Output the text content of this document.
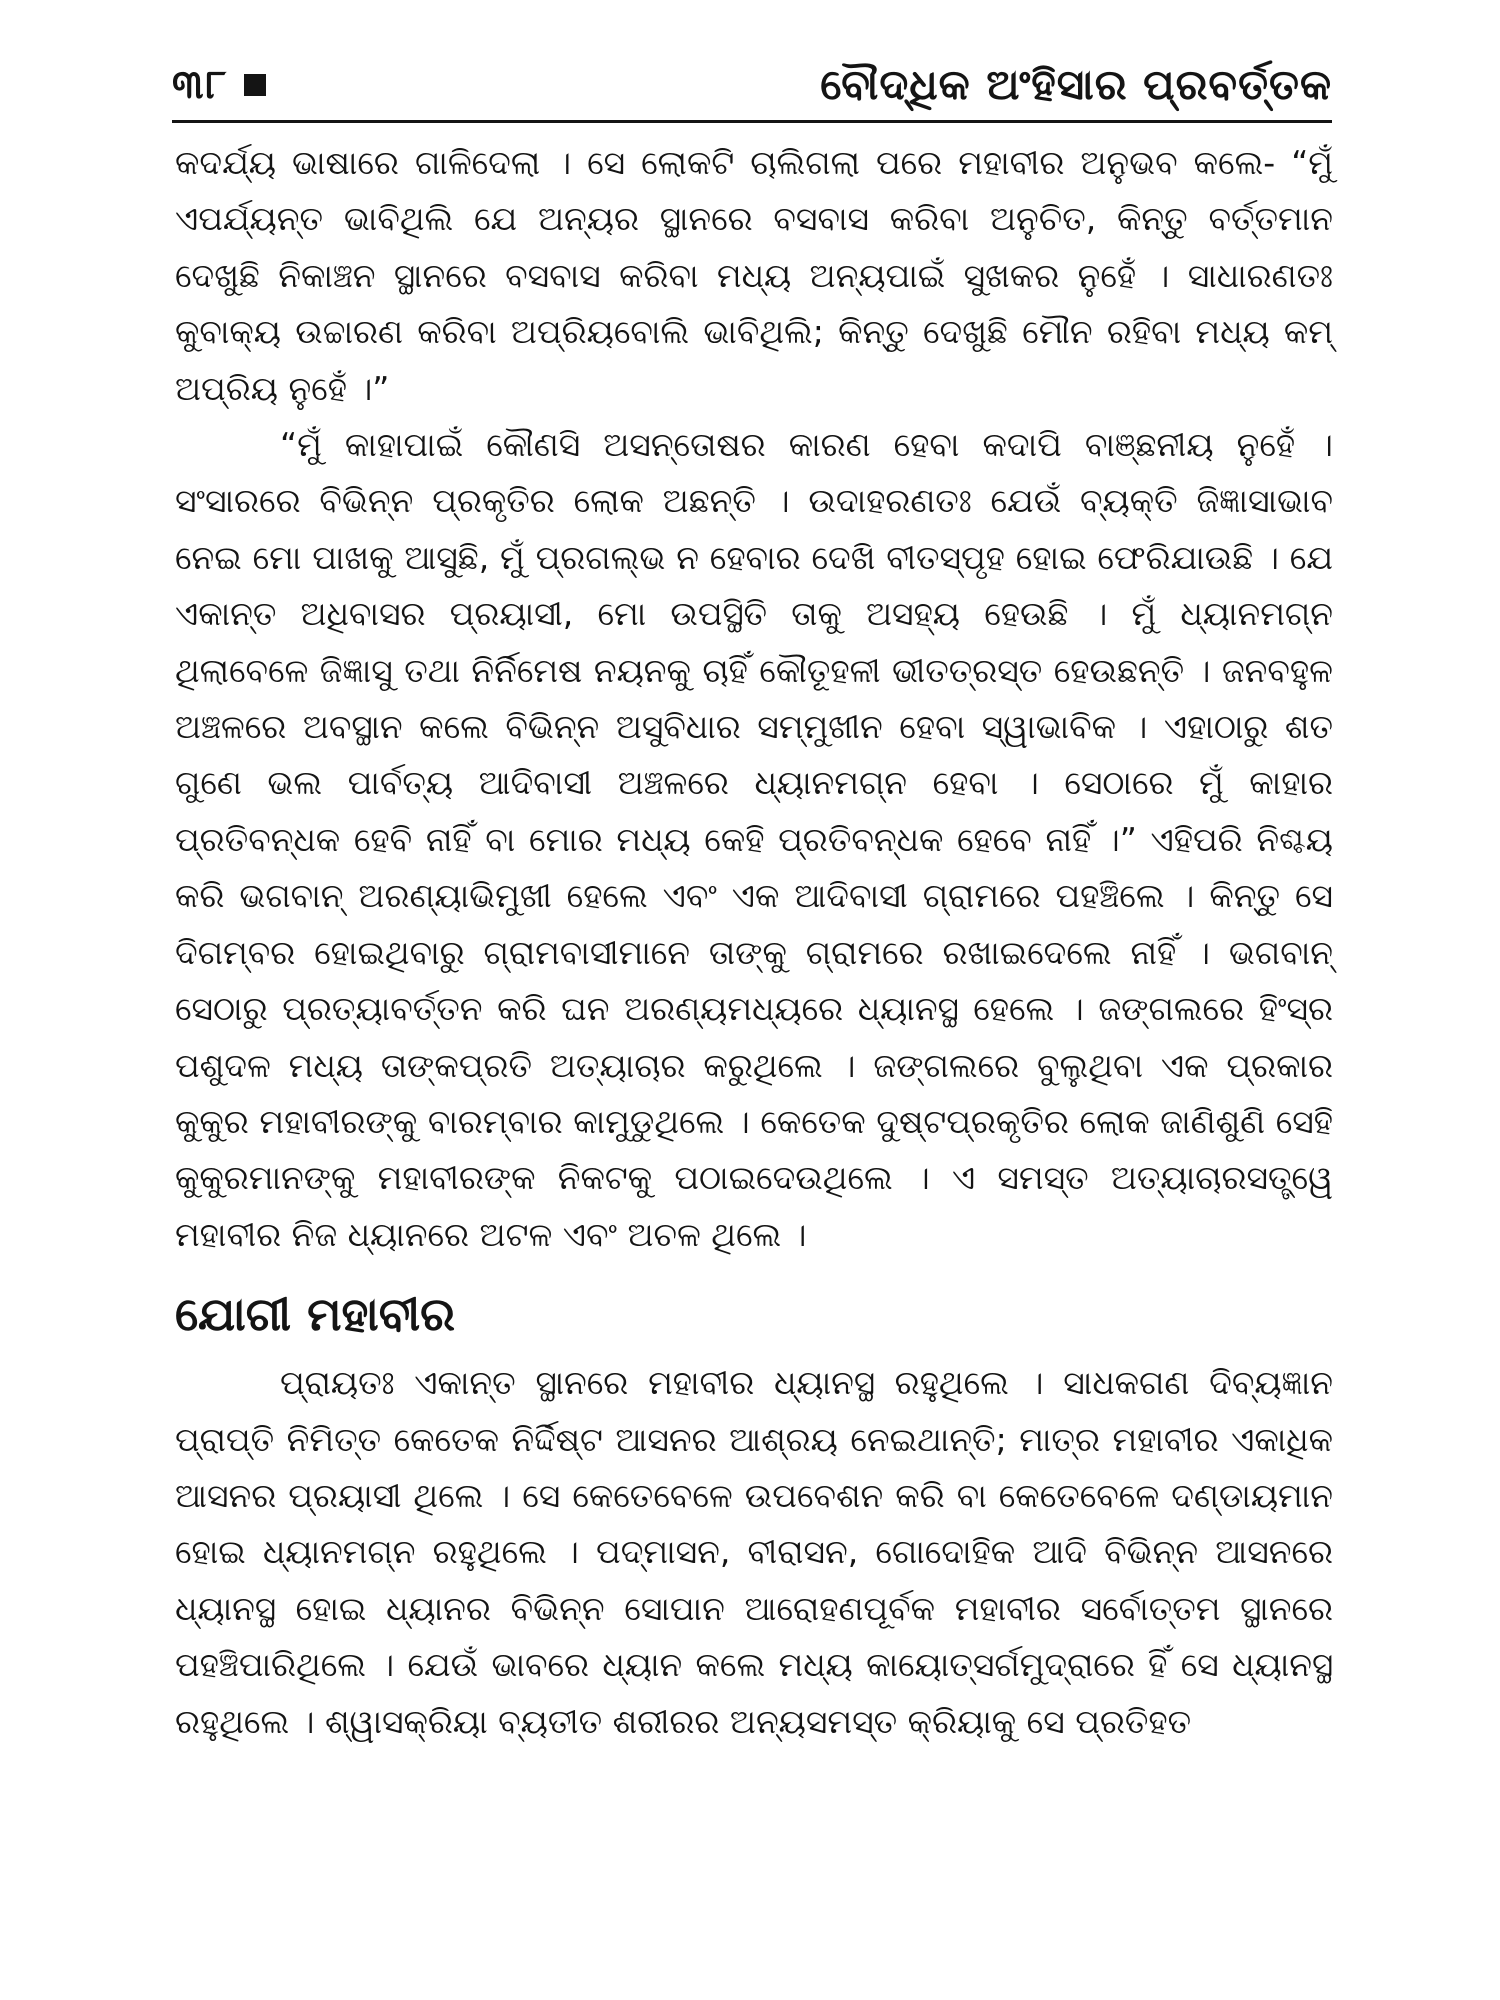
୩୮	ବୌଦ୍ଧିକ ଅଂହିସାର ପ୍ରବର୍ତ୍ତକ

କଦର୍ଯ୍ୟ ଭାଷାରେ ଗାଳିଦେଲା । ସେ ଲୋକଟି ଚାଲିଗଲା ପରେ ମହାବୀର ଅନୁଭବ କଲେ- “ମୁଁ ଏପର୍ଯ୍ୟନ୍ତ ଭାବିଥିଲି ଯେ ଅନ୍ୟର ସ୍ଥାନରେ ବସବାସ କରିବା ଅନୁଚିତ, କିନ୍ତୁ ବର୍ତ୍ତମାନ ଦେଖୁଛି ନିକାଞ୍ଚନ ସ୍ଥାନରେ ବସବାସ କରିବା ମଧ୍ୟ ଅନ୍ୟପାଇଁ ସୁଖକର ନୁହେଁ । ସାଧାରଣତଃ କୁବାକ୍ୟ ଉଚ୍ଚାରଣ କରିବା ଅପ୍ରିୟବୋଲି ଭାବିଥିଲି; କିନ୍ତୁ ଦେଖୁଛି ମୌନ ରହିବା ମଧ୍ୟ କମ୍ ଅପ୍ରିୟ ନୁହେଁ ।”

“ମୁଁ କାହାପାଇଁ କୌଣସି ଅସନ୍ତୋଷର କାରଣ ହେବା କଦାପି ବାଞ୍ଛନୀୟ ନୁହେଁ । ସଂସାରରେ ବିଭିନ୍ନ ପ୍ରକୃତିର ଲୋକ ଅଛନ୍ତି । ଉଦାହରଣତଃ ଯେଉଁ ବ୍ୟକ୍ତି ଜିଜ୍ଞାସାଭାବ ନେଇ ମୋ ପାଖକୁ ଆସୁଛି, ମୁଁ ପ୍ରଗଲ୍‌ଭ ନ ହେବାର ଦେଖି ବୀତସ୍ପୃହ ହୋଇ ଫେରିଯାଉଛି । ଯେ ଏକାନ୍ତ ଅଧିବାସର ପ୍ରୟାସୀ, ମୋ ଉପସ୍ଥିତି ତାକୁ ଅସହ୍ୟ ହେଉଛି । ମୁଁ ଧ୍ୟାନମଗ୍ନ ଥିଲାବେଳେ ଜିଜ୍ଞାସୁ ତଥା ନିର୍ନିମେଷ ନୟନକୁ ଚାହିଁ କୌତୂହଳୀ ଭୀତତ୍ରସ୍ତ ହେଉଛନ୍ତି । ଜନବହୁଳ ଅଞ୍ଚଳରେ ଅବସ୍ଥାନ କଲେ ବିଭିନ୍ନ ଅସୁବିଧାର ସମ୍ମୁଖୀନ ହେବା ସ୍ୱାଭାବିକ । ଏହାଠାରୁ ଶତ ଗୁଣେ ଭଲ ପାର୍ବତ୍ୟ ଆଦିବାସୀ ଅଞ୍ଚଳରେ ଧ୍ୟାନମଗ୍ନ ହେବା । ସେଠାରେ ମୁଁ କାହାର ପ୍ରତିବନ୍ଧକ ହେବି ନାହିଁ ବା ମୋର ମଧ୍ୟ କେହି ପ୍ରତିବନ୍ଧକ ହେବେ ନାହିଁ ।” ଏହିପରି ନିଶ୍ଚୟ କରି ଭଗବାନ୍ ଅରଣ୍ୟାଭିମୁଖୀ ହେଲେ ଏବଂ ଏକ ଆଦିବାସୀ ଗ୍ରାମରେ ପହଞ୍ଚିଲେ । କିନ୍ତୁ ସେ ଦିଗମ୍ବର ହୋଇଥିବାରୁ ଗ୍ରାମବାସୀମାନେ ତାଙ୍କୁ ଗ୍ରାମରେ ରଖାଇଦେଲେ ନାହିଁ । ଭଗବାନ୍ ସେଠାରୁ ପ୍ରତ୍ୟାବର୍ତ୍ତନ କରି ଘନ ଅରଣ୍ୟମଧ୍ୟରେ ଧ୍ୟାନସ୍ଥ ହେଲେ । ଜଙ୍ଗଲରେ ହିଂସ୍ର ପଶୁଦଳ ମଧ୍ୟ ତାଙ୍କପ୍ରତି ଅତ୍ୟାଚାର କରୁଥିଲେ । ଜଙ୍ଗଲରେ ବୁଲୁଥିବା ଏକ ପ୍ରକାର କୁକୁର ମହାବୀରଙ୍କୁ ବାରମ୍ବାର କାମୁଡୁଥିଲେ । କେତେକ ଦୁଷ୍ଟପ୍ରକୃତିର ଲୋକ ଜାଣିଶୁଣି ସେହି କୁକୁରମାନଙ୍କୁ ମହାବୀରଙ୍କ ନିକଟକୁ ପଠାଇଦେଉଥିଲେ । ଏ ସମସ୍ତ ଅତ୍ୟାଚାରସତ୍ତ୍ୱେ ମହାବୀର ନିଜ ଧ୍ୟାନରେ ଅଟଳ ଏବଂ ଅଚଳ ଥିଲେ ।

ଯୋଗୀ ମହାବୀର

ପ୍ରାୟତଃ ଏକାନ୍ତ ସ୍ଥାନରେ ମହାବୀର ଧ୍ୟାନସ୍ଥ ରହୁଥିଲେ । ସାଧକଗଣ ଦିବ୍ୟଜ୍ଞାନ ପ୍ରାପ୍ତି ନିମିତ୍ତ କେତେକ ନିର୍ଦ୍ଦିଷ୍ଟ ଆସନର ଆଶ୍ରୟ ନେଇଥାନ୍ତି; ମାତ୍ର ମହାବୀର ଏକାଧିକ ଆସନର ପ୍ରୟାସୀ ଥିଲେ । ସେ କେତେବେଳେ ଉପବେଶନ କରି ବା କେତେବେଳେ ଦଣ୍ଡାୟମାନ ହୋଇ ଧ୍ୟାନମଗ୍ନ ରହୁଥିଲେ । ପଦ୍ମାସନ, ବୀରାସନ, ଗୋଦୋହିକ ଆଦି ବିଭିନ୍ନ ଆସନରେ ଧ୍ୟାନସ୍ଥ ହୋଇ ଧ୍ୟାନର ବିଭିନ୍ନ ସୋପାନ ଆରୋହଣପୂର୍ବକ ମହାବୀର ସର୍ବୋତ୍ତମ ସ୍ଥାନରେ ପହଞ୍ଚିପାରିଥିଲେ । ଯେଉଁ ଭାବରେ ଧ୍ୟାନ କଲେ ମଧ୍ୟ କାୟୋତ୍ସର୍ଗମୁଦ୍ରାରେ ହିଁ ସେ ଧ୍ୟାନସ୍ଥ ରହୁଥିଲେ । ଶ୍ୱାସକ୍ରିୟା ବ୍ୟତୀତ ଶରୀରର ଅନ୍ୟସମସ୍ତ କ୍ରିୟାକୁ ସେ ପ୍ରତିହତ
